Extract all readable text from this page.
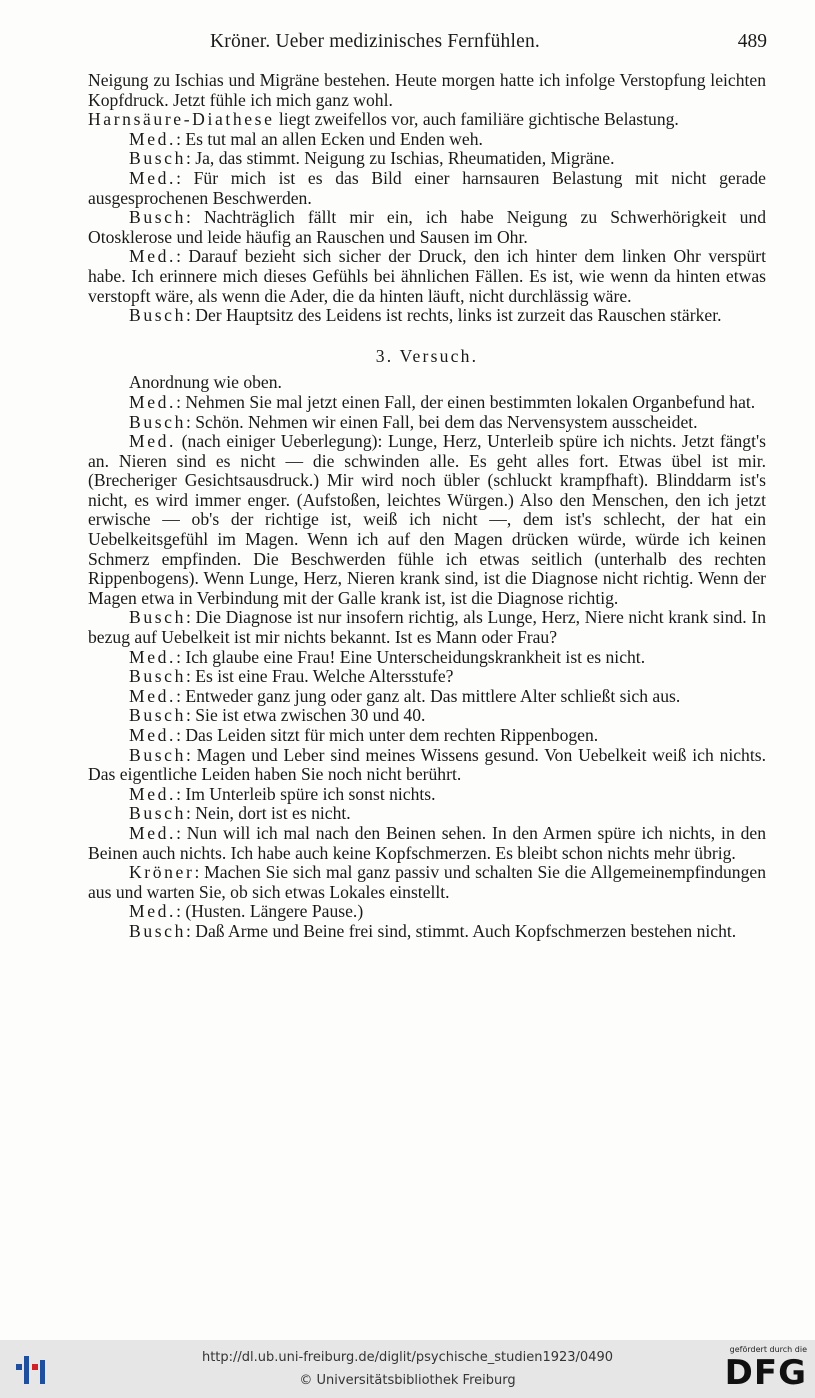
Kröner. Ueber medizinisches Fernfühlen.	489

Neigung zu Ischias und Migräne bestehen. Heute morgen hatte ich infolge Verstopfung leichten Kopfdruck. Jetzt fühle ich mich ganz wohl.

Harnsäure-Diathese liegt zweifellos vor, auch familiäre gichtische Belastung.

Med.: Es tut mal an allen Ecken und Enden weh.

Busch: Ja, das stimmt. Neigung zu Ischias, Rheumatiden, Migräne.

Med.: Für mich ist es das Bild einer harnsauren Belastung mit nicht gerade ausgesprochenen Beschwerden.

Busch: Nachträglich fällt mir ein, ich habe Neigung zu Schwerhörigkeit und Otosklerose und leide häufig an Rauschen und Sausen im Ohr.

Med.: Darauf bezieht sich sicher der Druck, den ich hinter dem linken Ohr verspürt habe. Ich erinnere mich dieses Gefühls bei ähnlichen Fällen. Es ist, wie wenn da hinten etwas verstopft wäre, als wenn die Ader, die da hinten läuft, nicht durchlässig wäre.

Busch: Der Hauptsitz des Leidens ist rechts, links ist zurzeit das Rauschen stärker.

3. Versuch.

Anordnung wie oben.

Med.: Nehmen Sie mal jetzt einen Fall, der einen bestimmten lokalen Organbefund hat.

Busch: Schön. Nehmen wir einen Fall, bei dem das Nervensystem ausscheidet.

Med. (nach einiger Ueberlegung): Lunge, Herz, Unterleib spüre ich nichts. Jetzt fängt's an. Nieren sind es nicht — die schwinden alle. Es geht alles fort. Etwas übel ist mir. (Brecheriger Gesichtsausdruck.) Mir wird noch übler (schluckt krampfhaft). Blinddarm ist's nicht, es wird immer enger. (Aufstoßen, leichtes Würgen.) Also den Menschen, den ich jetzt erwische — ob's der richtige ist, weiß ich nicht —, dem ist's schlecht, der hat ein Uebelkeitsgefühl im Magen. Wenn ich auf den Magen drücken würde, würde ich keinen Schmerz empfinden. Die Beschwerden fühle ich etwas seitlich (unterhalb des rechten Rippenbogens). Wenn Lunge, Herz, Nieren krank sind, ist die Diagnose nicht richtig. Wenn der Magen etwa in Verbindung mit der Galle krank ist, ist die Diagnose richtig.

Busch: Die Diagnose ist nur insofern richtig, als Lunge, Herz, Niere nicht krank sind. In bezug auf Uebelkeit ist mir nichts bekannt. Ist es Mann oder Frau?

Med.: Ich glaube eine Frau! Eine Unterscheidungskrankheit ist es nicht.

Busch: Es ist eine Frau. Welche Altersstufe?

Med.: Entweder ganz jung oder ganz alt. Das mittlere Alter schließt sich aus.

Busch: Sie ist etwa zwischen 30 und 40.

Med.: Das Leiden sitzt für mich unter dem rechten Rippenbogen.

Busch: Magen und Leber sind meines Wissens gesund. Von Uebelkeit weiß ich nichts. Das eigentliche Leiden haben Sie noch nicht berührt.

Med.: Im Unterleib spüre ich sonst nichts.

Busch: Nein, dort ist es nicht.

Med.: Nun will ich mal nach den Beinen sehen. In den Armen spüre ich nichts, in den Beinen auch nichts. Ich habe auch keine Kopfschmerzen. Es bleibt schon nichts mehr übrig.

Kröner: Machen Sie sich mal ganz passiv und schalten Sie die Allgemeinempfindungen aus und warten Sie, ob sich etwas Lokales einstellt.

Med.: (Husten. Längere Pause.)

Busch: Daß Arme und Beine frei sind, stimmt. Auch Kopfschmerzen bestehen nicht.

http://dl.ub.uni-freiburg.de/diglit/psychische_studien1923/0490
© Universitätsbibliothek Freiburg
gefördert durch die
DFG
